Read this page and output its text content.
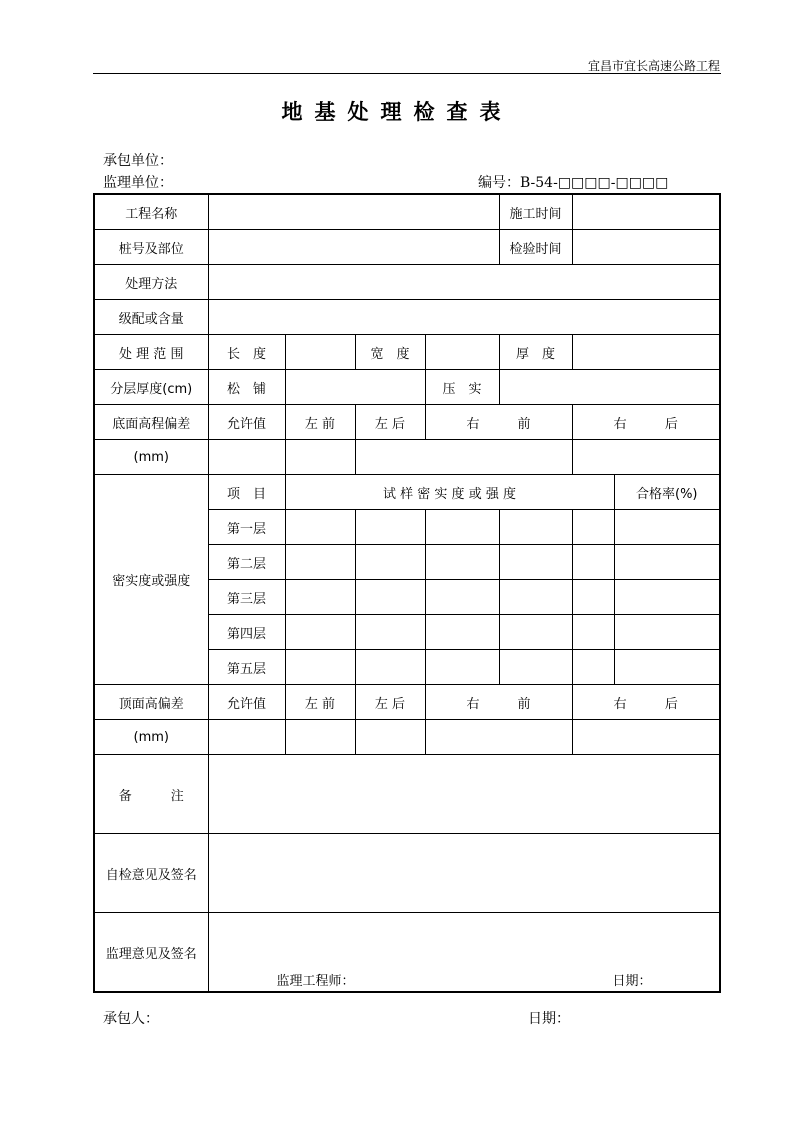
宜昌市宜长高速公路工程
地基处理检查表
承包单位：
监理单位：	编号：B-54-□□□□-□□□□
工程名称					施工时间		
桩号及部位					检验时间		
处理方法							
级配或含量							
处 理 范 围	长　度		宽　度		厚　度		
分层厚度(cm)	松　铺			压　实			
底面高程偏差	允许值	左 前	左 后	右 前		右 后	

(mm)							
密实度或强度	项　目	试 样 密 实 度 或 强 度					合格率(%)
	第一层						
	第二层						
	第三层						
	第四层						
	第五层						
顶面高偏差	允许值	左 前	左 后	右 前		右 后	

(mm)							
备　　　注							
自检意见及签名							
监理意见及签名	监理工程师： 日期：						
承包人：	日期：
